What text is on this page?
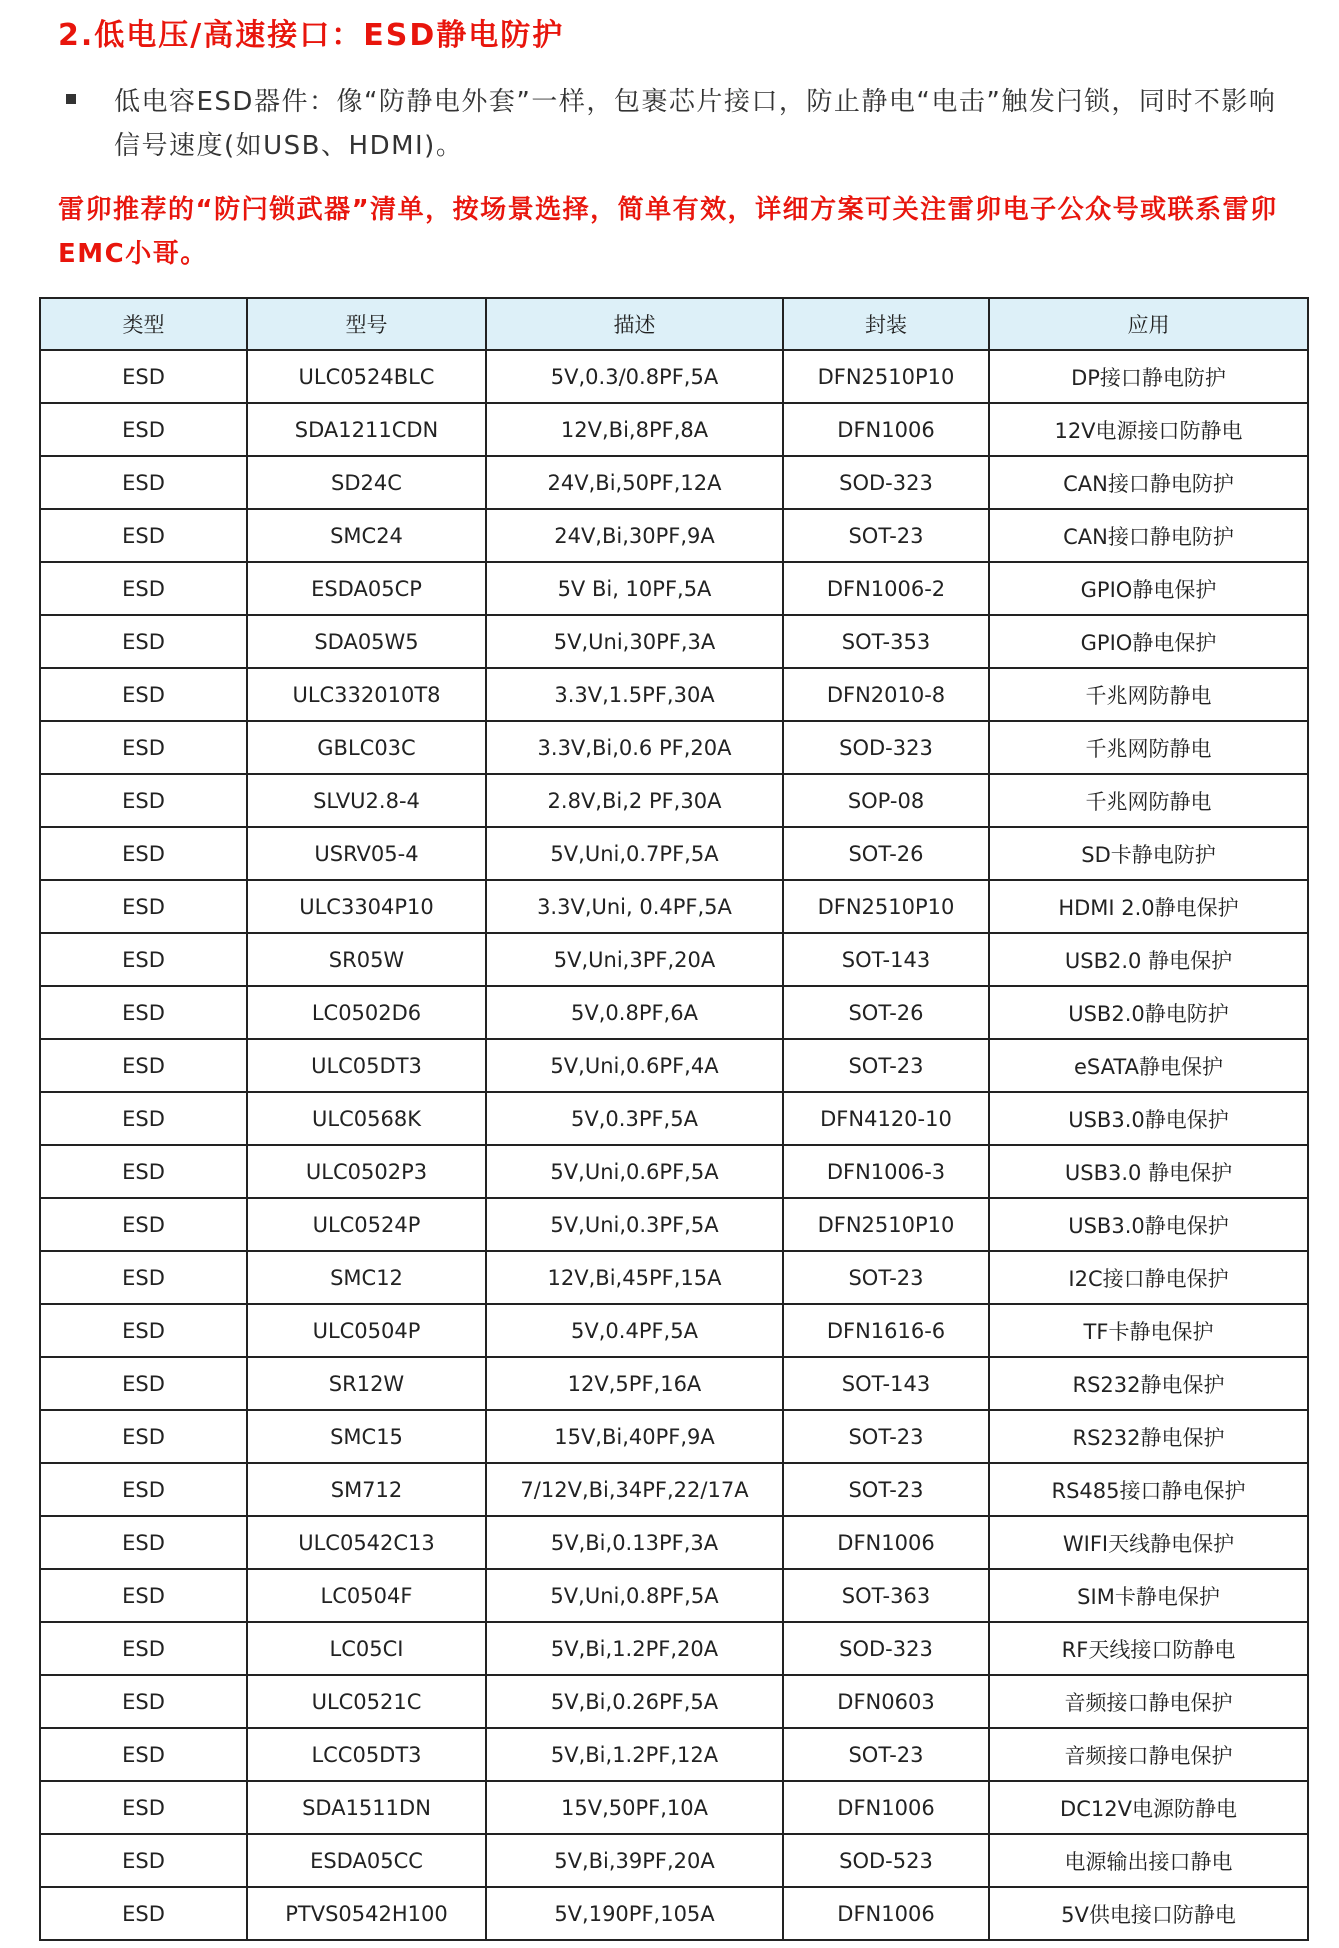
2.低电压/高速接口：ESD静电防护
低电容ESD器件：像“防静电外套”一样，包裹芯片接口，防止静电“电击”触发闩锁，同时不影响信号速度(如USB、HDMI)。
雷卯推荐的“防闩锁武器”清单，按场景选择，简单有效，详细方案可关注雷卯电子公众号或联系雷卯EMC小哥。
类型	型号	描述	封装	应用
ESD	ULC0524BLC	5V,0.3/0.8PF,5A	DFN2510P10	DP接口静电防护
ESD	SDA1211CDN	12V,Bi,8PF,8A	DFN1006	12V电源接口防静电
ESD	SD24C	24V,Bi,50PF,12A	SOD-323	CAN接口静电防护
ESD	SMC24	24V,Bi,30PF,9A	SOT-23	CAN接口静电防护
ESD	ESDA05CP	5V Bi, 10PF,5A	DFN1006-2	GPIO静电保护
ESD	SDA05W5	5V,Uni,30PF,3A	SOT-353	GPIO静电保护
ESD	ULC332010T8	3.3V,1.5PF,30A	DFN2010-8	千兆网防静电
ESD	GBLC03C	3.3V,Bi,0.6 PF,20A	SOD-323	千兆网防静电
ESD	SLVU2.8-4	2.8V,Bi,2 PF,30A	SOP-08	千兆网防静电
ESD	USRV05-4	5V,Uni,0.7PF,5A	SOT-26	SD卡静电防护
ESD	ULC3304P10	3.3V,Uni, 0.4PF,5A	DFN2510P10	HDMI 2.0静电保护
ESD	SR05W	5V,Uni,3PF,20A	SOT-143	USB2.0 静电保护
ESD	LC0502D6	5V,0.8PF,6A	SOT-26	USB2.0静电防护
ESD	ULC05DT3	5V,Uni,0.6PF,4A	SOT-23	eSATA静电保护
ESD	ULC0568K	5V,0.3PF,5A	DFN4120-10	USB3.0静电保护
ESD	ULC0502P3	5V,Uni,0.6PF,5A	DFN1006-3	USB3.0 静电保护
ESD	ULC0524P	5V,Uni,0.3PF,5A	DFN2510P10	USB3.0静电保护
ESD	SMC12	12V,Bi,45PF,15A	SOT-23	I2C接口静电保护
ESD	ULC0504P	5V,0.4PF,5A	DFN1616-6	TF卡静电保护
ESD	SR12W	12V,5PF,16A	SOT-143	RS232静电保护
ESD	SMC15	15V,Bi,40PF,9A	SOT-23	RS232静电保护
ESD	SM712	7/12V,Bi,34PF,22/17A	SOT-23	RS485接口静电保护
ESD	ULC0542C13	5V,Bi,0.13PF,3A	DFN1006	WIFI天线静电保护
ESD	LC0504F	5V,Uni,0.8PF,5A	SOT-363	SIM卡静电保护
ESD	LC05CI	5V,Bi,1.2PF,20A	SOD-323	RF天线接口防静电
ESD	ULC0521C	5V,Bi,0.26PF,5A	DFN0603	音频接口静电保护
ESD	LCC05DT3	5V,Bi,1.2PF,12A	SOT-23	音频接口静电保护
ESD	SDA1511DN	15V,50PF,10A	DFN1006	DC12V电源防静电
ESD	ESDA05CC	5V,Bi,39PF,20A	SOD-523	电源输出接口静电
ESD	PTVS0542H100	5V,190PF,105A	DFN1006	5V供电接口防静电
